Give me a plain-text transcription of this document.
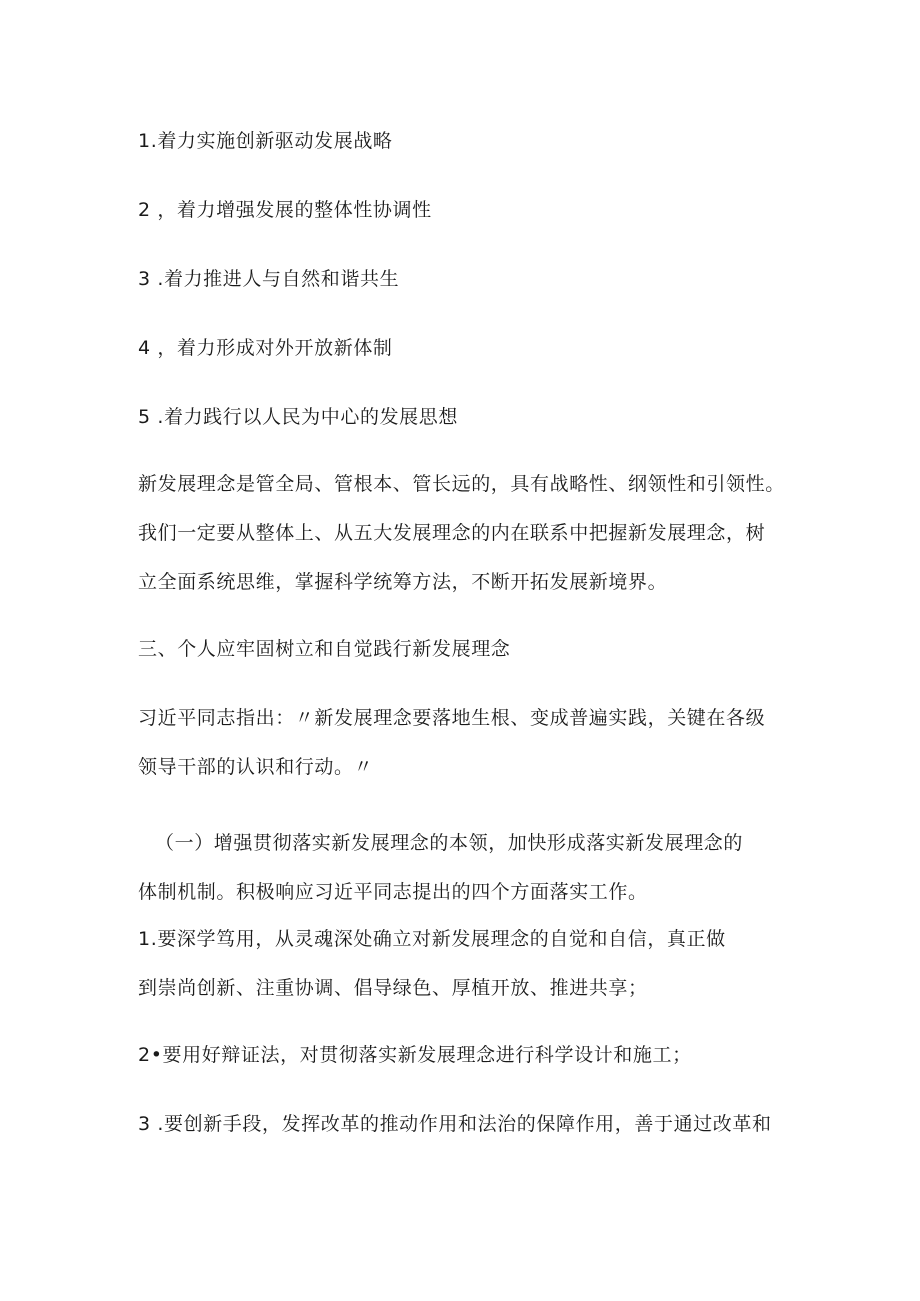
1.着力实施创新驱动发展战略
2 ，着力增强发展的整体性协调性
3 .着力推进人与自然和谐共生
4 ，着力形成对外开放新体制
5 .着力践行以人民为中心的发展思想
新发展理念是管全局、管根本、管长远的，具有战略性、纲领性和引领性。
我们一定要从整体上、从五大发展理念的内在联系中把握新发展理念，树
立全面系统思维，掌握科学统筹方法，不断开拓发展新境界。
三、个人应牢固树立和自觉践行新发展理念
习近平同志指出：〃新发展理念要落地生根、变成普遍实践，关键在各级
领导干部的认识和行动。〃
（一）增强贯彻落实新发展理念的本领，加快形成落实新发展理念的
体制机制。积极响应习近平同志提出的四个方面落实工作。
1.要深学笃用，从灵魂深处确立对新发展理念的自觉和自信，真正做
到崇尚创新、注重协调、倡导绿色、厚植开放、推进共享；
2•要用好辩证法，对贯彻落实新发展理念进行科学设计和施工；
3 .要创新手段，发挥改革的推动作用和法治的保障作用，善于通过改革和
